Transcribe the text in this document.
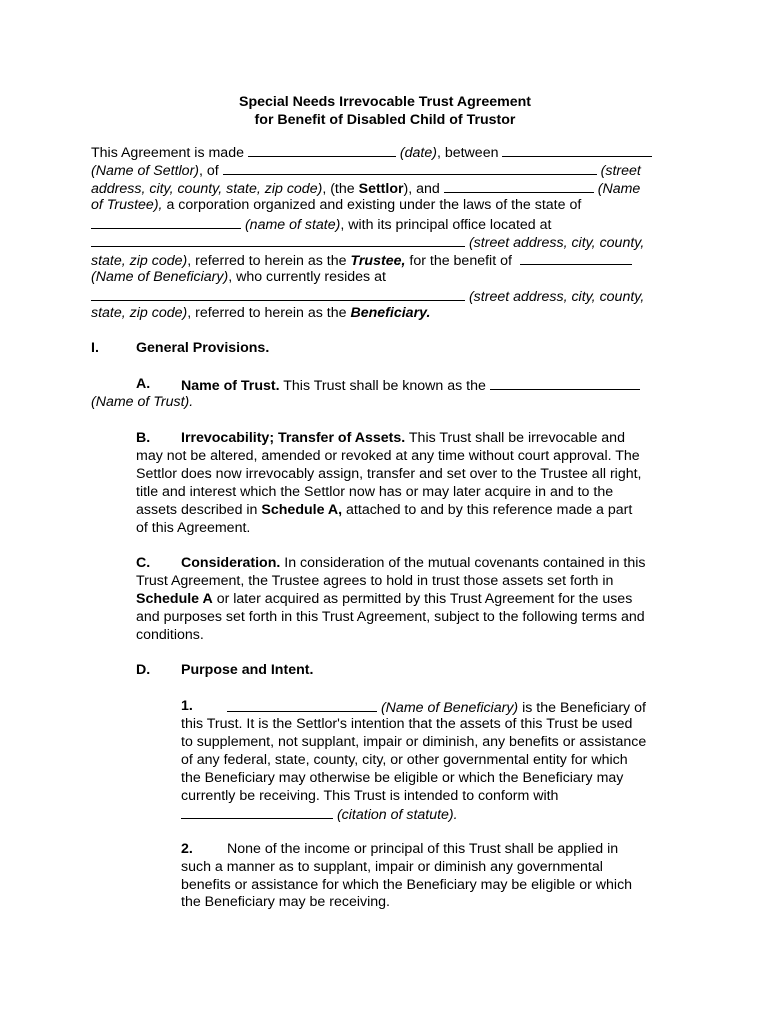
Special Needs Irrevocable Trust Agreement
for Benefit of Disabled Child of Trustor
This Agreement is made	(date), between
(Name of Settlor), of	(street
address, city, county, state, zip code), (the Settlor), and	(Name
of Trustee), a corporation organized and existing under the laws of the state of
(name of state), with its principal office located at
(street address, city, county,
state, zip code), referred to herein as the Trustee, for the benefit of
(Name of Beneficiary), who currently resides at
(street address, city, county,
state, zip code), referred to herein as the Beneficiary.
I.	General Provisions.
A. Name of Trust. This Trust shall be known as the
(Name of Trust).
B. Irrevocability; Transfer of Assets. This Trust shall be irrevocable and
may not be altered, amended or revoked at any time without court approval. The
Settlor does now irrevocably assign, transfer and set over to the Trustee all right,
title and interest which the Settlor now has or may later acquire in and to the
assets described in Schedule A, attached to and by this reference made a part
of this Agreement.
C. Consideration. In consideration of the mutual covenants contained in this
Trust Agreement, the Trustee agrees to hold in trust those assets set forth in
Schedule A or later acquired as permitted by this Trust Agreement for the uses
and purposes set forth in this Trust Agreement, subject to the following terms and
conditions.
D. Purpose and Intent.
1.	(Name of Beneficiary) is the Beneficiary of
this Trust. It is the Settlor's intention that the assets of this Trust be used
to supplement, not supplant, impair or diminish, any benefits or assistance
of any federal, state, county, city, or other governmental entity for which
the Beneficiary may otherwise be eligible or which the Beneficiary may
currently be receiving. This Trust is intended to conform with
(citation of statute).
2. None of the income or principal of this Trust shall be applied in
such a manner as to supplant, impair or diminish any governmental
benefits or assistance for which the Beneficiary may be eligible or which
the Beneficiary may be receiving.
